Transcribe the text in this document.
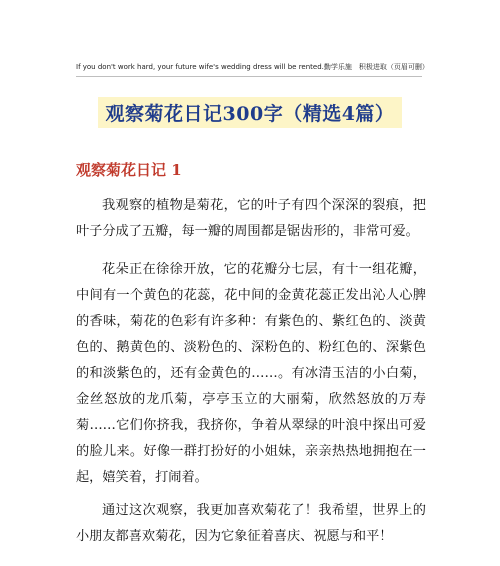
If you don't work hard, your future wife's wedding dress will be rented.勤学乐施　积极进取（页眉可删）
观察菊花日记300字（精选4篇）
观察菊花日记 1

我观察的植物是菊花，它的叶子有四个深深的裂痕，把叶子分成了五瓣，每一瓣的周围都是锯齿形的，非常可爱。

花朵正在徐徐开放，它的花瓣分七层，有十一组花瓣，中间有一个黄色的花蕊，花中间的金黄花蕊正发出沁人心脾的香味，菊花的色彩有许多种：有紫色的、紫红色的、淡黄色的、鹅黄色的、淡粉色的、深粉色的、粉红色的、深紫色的和淡紫色的，还有金黄色的……。有冰清玉洁的小白菊，金丝怒放的龙爪菊，亭亭玉立的大丽菊，欣然怒放的万寿菊……它们你挤我，我挤你，争着从翠绿的叶浪中探出可爱的脸儿来。好像一群打扮好的小姐妹，亲亲热热地拥抱在一起，嬉笑着，打闹着。

通过这次观察，我更加喜欢菊花了！我希望，世界上的小朋友都喜欢菊花，因为它象征着喜庆、祝愿与和平！
